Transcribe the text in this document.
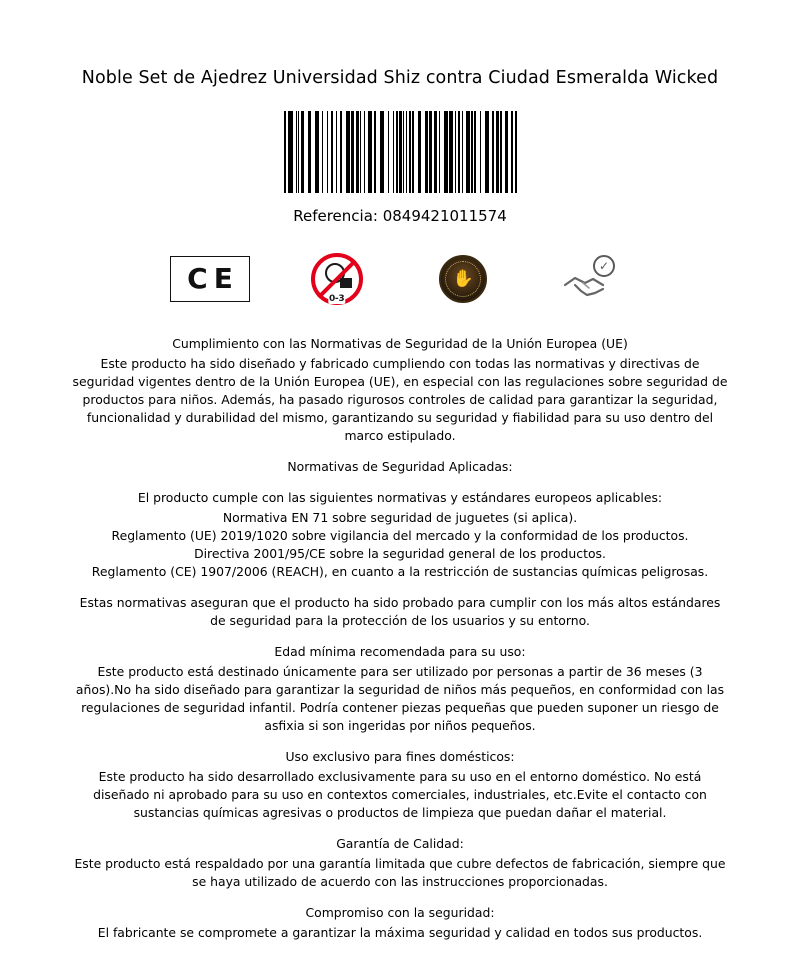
Noble Set de Ajedrez Universidad Shiz contra Ciudad Esmeralda Wicked
Referencia: 0849421011574
C E
0-3
✋
✓
Cumplimiento con las Normativas de Seguridad de la Unión Europea (UE)

Este producto ha sido diseñado y fabricado cumpliendo con todas las normativas y directivas de seguridad vigentes dentro de la Unión Europea (UE), en especial con las regulaciones sobre seguridad de productos para niños. Además, ha pasado rigurosos controles de calidad para garantizar la seguridad, funcionalidad y durabilidad del mismo, garantizando su seguridad y fiabilidad para su uso dentro del marco estipulado.

Normativas de Seguridad Aplicadas:

El producto cumple con las siguientes normativas y estándares europeos aplicables:
Normativa EN 71 sobre seguridad de juguetes (si aplica).
Reglamento (UE) 2019/1020 sobre vigilancia del mercado y la conformidad de los productos.
Directiva 2001/95/CE sobre la seguridad general de los productos.
Reglamento (CE) 1907/2006 (REACH), en cuanto a la restricción de sustancias químicas peligrosas.

Estas normativas aseguran que el producto ha sido probado para cumplir con los más altos estándares de seguridad para la protección de los usuarios y su entorno.

Edad mínima recomendada para su uso:

Este producto está destinado únicamente para ser utilizado por personas a partir de 36 meses (3 años).No ha sido diseñado para garantizar la seguridad de niños más pequeños, en conformidad con las regulaciones de seguridad infantil. Podría contener piezas pequeñas que pueden suponer un riesgo de asfixia si son ingeridas por niños pequeños.

Uso exclusivo para fines domésticos:

Este producto ha sido desarrollado exclusivamente para su uso en el entorno doméstico. No está diseñado ni aprobado para su uso en contextos comerciales, industriales, etc.Evite el contacto con sustancias químicas agresivas o productos de limpieza que puedan dañar el material.

Garantía de Calidad:

Este producto está respaldado por una garantía limitada que cubre defectos de fabricación, siempre que se haya utilizado de acuerdo con las instrucciones proporcionadas.

Compromiso con la seguridad:

El fabricante se compromete a garantizar la máxima seguridad y calidad en todos sus productos.
